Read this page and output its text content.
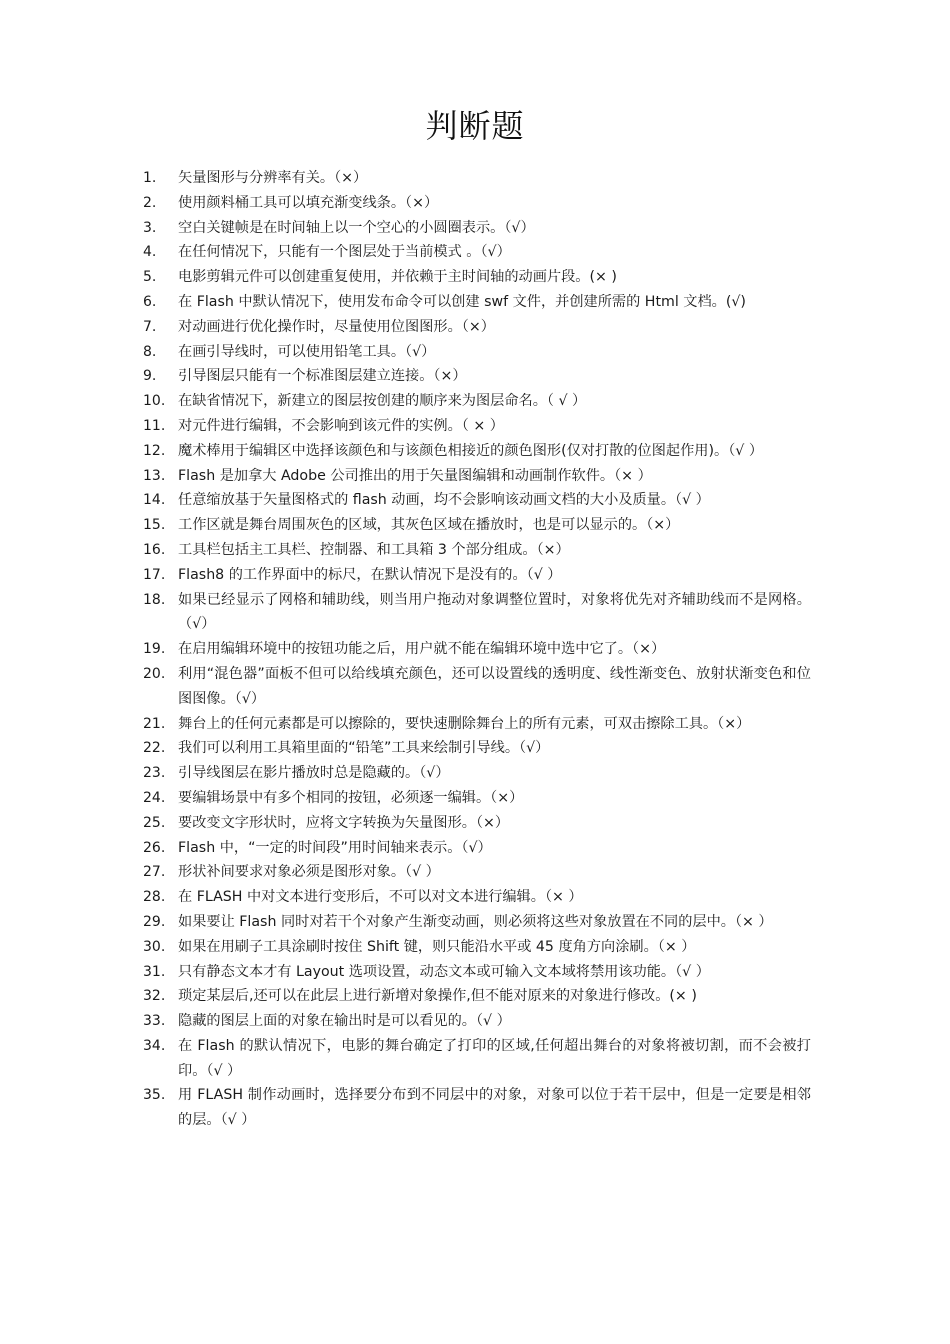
判断题
1.	矢量图形与分辨率有关。（×）
2.	使用颜料桶工具可以填充渐变线条。（×）
3.	空白关键帧是在时间轴上以一个空心的小圆圈表示。（√）
4.	在任何情况下，只能有一个图层处于当前模式 。（√）
5.	电影剪辑元件可以创建重复使用，并依赖于主时间轴的动画片段。(× )
6.	在 Flash 中默认情况下，使用发布命令可以创建 swf 文件，并创建所需的 Html 文档。(√)
7.	对动画进行优化操作时，尽量使用位图图形。（×）
8.	在画引导线时，可以使用铅笔工具。（√）
9.	引导图层只能有一个标准图层建立连接。（×）
10. 在缺省情况下，新建立的图层按创建的顺序来为图层命名。（ √ ）
11. 对元件进行编辑，不会影响到该元件的实例。（ × ）
12. 魔术棒用于编辑区中选择该颜色和与该颜色相接近的颜色图形(仅对打散的位图起作用)。（√ ）
13. Flash 是加拿大 Adobe 公司推出的用于矢量图编辑和动画制作软件。（× ）
14. 任意缩放基于矢量图格式的 flash 动画，均不会影响该动画文档的大小及质量。（√ ）
15. 工作区就是舞台周围灰色的区域，其灰色区域在播放时，也是可以显示的。（×）
16. 工具栏包括主工具栏、控制器、和工具箱 3 个部分组成。（×）
17. Flash8 的工作界面中的标尺，在默认情况下是没有的。（√ ）
18. 如果已经显示了网格和辅助线，则当用户拖动对象调整位置时，对象将优先对齐辅助线而不是网格。（√）
19. 在启用编辑环境中的按钮功能之后，用户就不能在编辑环境中选中它了。（×）
20. 利用“混色器”面板不但可以给线填充颜色，还可以设置线的透明度、线性渐变色、放射状渐变色和位图图像。（√）
21. 舞台上的任何元素都是可以擦除的，要快速删除舞台上的所有元素，可双击擦除工具。（×）
22. 我们可以利用工具箱里面的“铅笔”工具来绘制引导线。（√）
23. 引导线图层在影片播放时总是隐藏的。（√）
24. 要编辑场景中有多个相同的按钮，必须逐一编辑。（×）
25. 要改变文字形状时，应将文字转换为矢量图形。（×）
26. Flash 中，“一定的时间段”用时间轴来表示。（√）
27. 形状补间要求对象必须是图形对象。（√ ）
28. 在 FLASH 中对文本进行变形后，不可以对文本进行编辑。（× ）
29. 如果要让 Flash 同时对若干个对象产生渐变动画，则必须将这些对象放置在不同的层中。（× ）
30. 如果在用刷子工具涂刷时按住 Shift 键，则只能沿水平或 45 度角方向涂刷。（× ）
31. 只有静态文本才有 Layout 选项设置，动态文本或可输入文本域将禁用该功能。（√ ）
32. 琐定某层后,还可以在此层上进行新增对象操作,但不能对原来的对象进行修改。(× )
33. 隐藏的图层上面的对象在输出时是可以看见的。（√ ）
34. 在 Flash 的默认情况下，电影的舞台确定了打印的区域,任何超出舞台的对象将被切割，而不会被打印。（√ ）
35. 用 FLASH 制作动画时，选择要分布到不同层中的对象，对象可以位于若干层中，但是一定要是相邻的层。（√ ）
